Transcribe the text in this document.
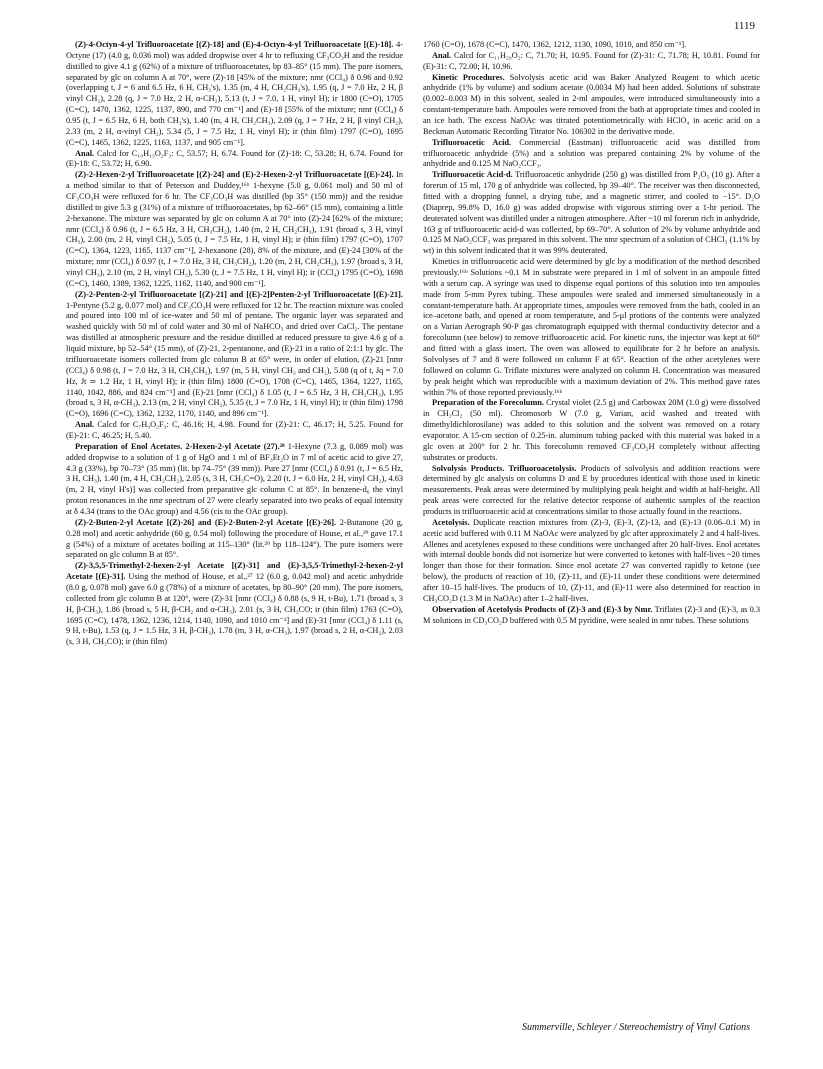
1119

(Z)-4-Octyn-4-yl Trifluoroacetate [(Z)-18] and (E)-4-Octyn-4-yl Trifluoroacetate [(E)-18]. 4-Octyne (17) (4.0 g, 0.036 mol) was added dropwise over 4 hr to refluxing CF₃CO₃H and the residue distilled to give 4.1 g (62%) of a mixture of trifluoroacetates, bp 83–85° (15 mm). The pure isomers, separated by glc on column A at 70°, were (Z)-18 [45% of the mixture; nmr (CCl₄) δ 0.96 and 0.92 (overlapping t, J = 6 and 6.5 Hz, 6 H, CH₃'s), 1.35 (m, 4 H, CH₂CH₃'s), 1.95 (q, J = 7.0 Hz, 2 H, β vinyl CH₂), 2.28 (q, J = 7.0 Hz, 2 H, α-CH₂), 5.13 (t, J = 7.0, 1 H, vinyl H); ir 1800 (C=O), 1705 (C=C), 1470, 1362, 1225, 1137, 890, and 770 cm⁻¹] and (E)-18 [55% of the mixture; nmr (CCl₄) δ 0.95 (t, J = 6.5 Hz, 6 H, both CH₃'s), 1.40 (m, 4 H, CH₂CH₃), 2.09 (q, J = 7 Hz, 2 H, β vinyl CH₂), 2.33 (m, 2 H, α-vinyl CH₂), 5.34 (5, J = 7.5 Hz, 1 H, vinyl H); ir (thin film) 1797 (C=O), 1695 (C=C), 1465, 1362, 1225, 1163, 1137, and 905 cm⁻¹].

Anal. Calcd for C₁₀H₁₅O₂F₃: C, 53.57; H, 6.74. Found for (Z)-18: C, 53.28; H, 6.74. Found for (E)-18: C, 53.72; H, 6.90.

(Z)-2-Hexen-2-yl Trifluoroacetate [(Z)-24] and (E)-2-Hexen-2-yl Trifluoroacetate [(E)-24]. In a method similar to that of Peterson and Duddey,¹⁶ᵇ 1-hexyne (5.0 g, 0.061 mol) and 50 ml of CF₃CO₃H were refluxed for 6 hr. The CF₃CO₃H was distilled (bp 35° (150 mm)) and the residue distilled to give 5.3 g (31%) of a mixture of trifluoroacetates, bp 62–66° (15 mm), containing a little 2-hexanone. The mixture was separated by glc on column A at 70° into (Z)-24 [62% of the mixture; nmr (CCl₄) δ 0.96 (t, J = 6.5 Hz, 3 H, CH₃CH₂), 1.40 (m, 2 H, CH₂CH₃), 1.91 (broad s, 3 H, vinyl CH₃), 2.00 (m, 2 H, vinyl CH₂), 5.05 (t, J = 7.5 Hz, 1 H, vinyl H); ir (thin film) 1797 (C=O), 1707 (C=C), 1364, 1223, 1165, 1137 cm⁻¹], 2-hexanone (28), 8% of the mixture, and (E)-24 [30% of the mixture; nmr (CCl₄) δ 0.97 (t, J = 7.0 Hz, 3 H, CH₃CH₂), 1.20 (m, 2 H, CH₂CH₃), 1.97 (broad s, 3 H, vinyl CH₃), 2.10 (m, 2 H, vinyl CH₂), 5.30 (t, J = 7.5 Hz, 1 H, vinyl H); ir (CCl₄) 1795 (C=O), 1698 (C=C), 1460, 1389, 1362, 1225, 1162, 1140, and 900 cm⁻¹].

(Z)-2-Penten-2-yl Trifluoroacetate [(Z)-21] and [(E)-2]Penten-2-yl Trifluoroacetate [(E)-21]. 1-Pentyne (5.2 g, 0.077 mol) and CF₃CO₃H were refluxed for 12 hr. The reaction mixture was cooled and poured into 100 ml of ice-water and 50 ml of pentane. The organic layer was separated and washed quickly with 50 ml of cold water and 30 ml of NaHCO₃ and dried over CaCl₂. The pentane was distilled at atmospheric pressure and the residue distilled at reduced pressure to give 4.6 g of a liquid mixture, bp 52–54° (15 mm), of (Z)-21, 2-pentanone, and (E)-21 in a ratio of 2:1:1 by glc. The trifluoroacetate isomers collected from glc column B at 65° were, in order of elution, (Z)-21 [nmr (CCl₄) δ 0.98 (t, J = 7.0 Hz, 3 H, CH₃CH₂), 1.97 (m, 5 H, vinyl CH₃ and CH₂), 5.08 (q of t, Jq = 7.0 Hz, Jt ≃ 1.2 Hz, 1 H, vinyl H); ir (thin film) 1800 (C=O), 1708 (C=C), 1465, 1364, 1227, 1165, 1140, 1042, 886, and 824 cm⁻¹] and (E)-21 [nmr (CCl₄) δ 1.05 (t, J = 6.5 Hz, 3 H, CH₂CH₃), 1.95 (broad s, 3 H, α-CH₃), 2.13 (m, 2 H, vinyl CH₂), 5.35 (t, J = 7.0 Hz, 1 H, vinyl H); ir (thin film) 1798 (C=O), 1696 (C=C), 1362, 1232, 1170, 1140, and 896 cm⁻¹].

Anal. Calcd for C₇H₉O₂F₃: C, 46.16; H, 4.98. Found for (Z)-21: C, 46.17; H, 5.25. Found for (E)-21: C, 46.25; H, 5.40.

Preparation of Enol Acetates. 2-Hexen-2-yl Acetate (27).²⁸ 1-Hexyne (7.3 g, 0.089 mol) was added dropwise to a solution of 1 g of HgO and 1 ml of BF₃Et₂O in 7 ml of acetic acid to give 27, 4.3 g (33%), bp 70–73° (35 mm) (lit. bp 74–75° (39 mm)). Pure 27 [nmr (CCl₄) δ 0.91 (t, J = 6.5 Hz, 3 H, CH₃), 1.40 (m, 4 H, CH₂CH₂), 2.05 (s, 3 H, CH₃C=O), 2.20 (t, J = 6.0 Hz, 2 H, vinyl CH₂), 4.63 (m, 2 H, vinyl H's)] was collected from preparative glc column C at 85°. In benzene-d₆ the vinyl proton resonances in the nmr spectrum of 27 were clearly separated into two peaks of equal intensity at δ 4.34 (trans to the OAc group) and 4.56 (cis to the OAc group).

(Z)-2-Buten-2-yl Acetate [(Z)-26] and (E)-2-Buten-2-yl Acetate [(E)-26]. 2-Butanone (20 g, 0.28 mol) and acetic anhydride (60 g, 0.54 mol) following the procedure of House, et al.,²⁹ gave 17.1 g (54%) of a mixture of acetates boiling at 115–130° (lit.²⁹ bp 118–124°). The pure isomers were separated on glc column B at 85°.

(Z)-3,5,5-Trimethyl-2-hexen-2-yl Acetate [(Z)-31] and (E)-3,5,5-Trimethyl-2-hexen-2-yl Acetate [(E)-31]. Using the method of House, et al.,²⁷ 12 (6.0 g, 0.042 mol) and acetic anhydride (8.0 g, 0.078 mol) gave 6.0 g (78%) of a mixture of acetates, bp 80–90° (20 mm). The pure isomers, collected from glc column B at 120°, were (Z)-31 [nmr (CCl₄) δ 0.88 (s, 9 H, t-Bu), 1.71 (broad s, 3 H, β-CH₃), 1.86 (broad s, 5 H, β-CH₂ and α-CH₃), 2.01 (s, 3 H, CH₃CO; ir (thin film) 1763 (C=O), 1695 (C=C), 1478, 1362, 1236, 1214, 1140, 1090, and 1010 cm⁻¹] and (E)-31 [nmr (CCl₄) δ 1.11 (s, 9 H, t-Bu), 1.53 (q, J = 1.5 Hz, 3 H, β-CH₃), 1.78 (m, 3 H, α-CH₃), 1.97 (broad s, 2 H, α-CH₂), 2.03 (s, 3 H, CH₃CO); ir (thin film)

1760 (C=O), 1678 (C=C), 1470, 1362, 1212, 1130, 1090, 1010, and 850 cm⁻¹].

Anal. Calcd for C₁₁H₂₀O₂: C, 71.70; H, 10.95. Found for (Z)-31: C, 71.78; H, 10.81. Found for (E)-31: C, 72.00; H, 10.96.

Kinetic Procedures. Solvolysis acetic acid was Baker Analyzed Reagent to which acetic anhydride (1% by volume) and sodium acetate (0.0034 M) had been added. Solutions of substrate (0.002–0.003 M) in this solvent, sealed in 2-ml ampoules, were introduced simultaneously into a constant-temperature bath. Ampoules were removed from the bath at appropriate times and cooled in an ice bath. The excess NaOAc was titrated potentiometrically with HClO₄ in acetic acid on a Beckman Automatic Recording Titrator No. 106302 in the derivative mode.

Trifluoroacetic Acid. Commercial (Eastman) trifluoroacetic acid was distilled from trifluoroacetic anhydride (5%) and a solution was prepared containing 2% by volume of the anhydride and 0.125 M NaO₂CCF₃.

Trifluoroacetic Acid-d. Trifluoroacetic anhydride (250 g) was distilled from P₂O₅ (10 g). After a forerun of 15 ml, 170 g of anhydride was collected, bp 39–40°. The receiver was then disconnected, fitted with a dropping funnel, a drying tube, and a magnetic stirrer, and cooled to −15°. D₂O (Diaprep, 99.8% D, 16.0 g) was added dropwise with vigorous stirring over a 1-hr period. The deuterated solvent was distilled under a nitrogen atmosphere. After ~10 ml forerun rich in anhydride, 163 g of trifluoroacetic acid-d was collected, bp 69–70°. A solution of 2% by volume anhydride and 0.125 M NaO₂CCF₃ was prepared in this solvent. The nmr spectrum of a solution of CHCl₃ (1.1% by wt) in this solvent indicated that it was 99% deuterated.

Kinetics in trifluoroacetic acid were determined by glc by a modification of the method described previously.¹⁶ᵇ Solutions ~0.1 M in substrate were prepared in 1 ml of solvent in an ampoule fitted with a serum cap. A syringe was used to dispense equal portions of this solution into ten ampoules made from 5-mm Pyrex tubing. These ampoules were sealed and immersed simultaneously in a constant-temperature bath. At appropriate times, ampoules were removed from the bath, cooled in an ice–acetone bath, and opened at room temperature, and 5-μl protions of the contents were analyzed on a Varian Aerograph 90-P gas chromatograph equipped with thermal conductivity detector and a forecolumn (see below) to remove trifluoroacetic acid. For kinetic runs, the injector was kept at 60° and fitted with a glass insert. The oven was allowed to equilibrate for 2 hr before an analysis. Solvolyses of 7 and 8 were followed on column F at 65°. Reaction of the other acetylenes were followed on column G. Triflate mixtures were analyzed on column H. Concentration was measured by peak height which was reproducible with a maximum deviation of 2%. This method gave rates within 7% of those reported previously.¹⁶ᵇ

Preparation of the Forecolumn. Crystal violet (2.5 g) and Carbowax 20M (1.0 g) were dissolved in CH₂Cl₂ (50 ml). Chromosorb W (7.0 g, Varian, acid washed and treated with dimethyldichlorosilane) was added to this solution and the solvent was removed on a rotary evaporator. A 15-cm section of 0.25-in. aluminum tubing packed with this material was baked in a glc oven at 200° for 2 hr. This forecolumn removed CF₃CO₂H completely without affecting substrates or products.

Solvolysis Products. Trifluoroacetolysis. Products of solvolysis and addition reactions were determined by glc analysis on columns D and E by procedures identical with those used in kinetic measurements. Peak areas were determined by multiplying peak height and width at half-height. All peak areas were corrected for the relative detector response of authentic samples of the reaction products in trifluoroacetic acid at concentrations similar to those actually found in the reactions.

Acetolysis. Duplicate reaction mixtures from (Z)-3, (E)-3, (Z)-13, and (E)-13 (0.06–0.1 M) in acetic acid buffered with 0.11 M NaOAc were analyzed by glc after approximately 2 and 4 half-lives. Allenes and acetylenes exposed to these conditions were unchanged after 20 half-lives. Enol acetates with internal double bonds did not isomerize but were converted to ketones with half-lives ~20 times longer than those for their formation. Since enol acetate 27 was converted rapidly to ketone (see below), the products of reaction of 10, (Z)-11, and (E)-11 under these conditions were determined after 10–15 half-lives. The products of 10, (Z)-11, and (E)-11 were also determined for reaction in CH₃CO₂D (1.3 M in NaOAc) after 1–2 half-lives.

Observation of Acetolysis Products of (Z)-3 and (E)-3 by Nmr. Triflates (Z)-3 and (E)-3, as 0.3 M solutions in CD₃CO₂D buffered with 0.5 M pyridine, were sealed in nmr tubes. These solutions

Summerville, Schleyer / Stereochemistry of Vinyl Cations
